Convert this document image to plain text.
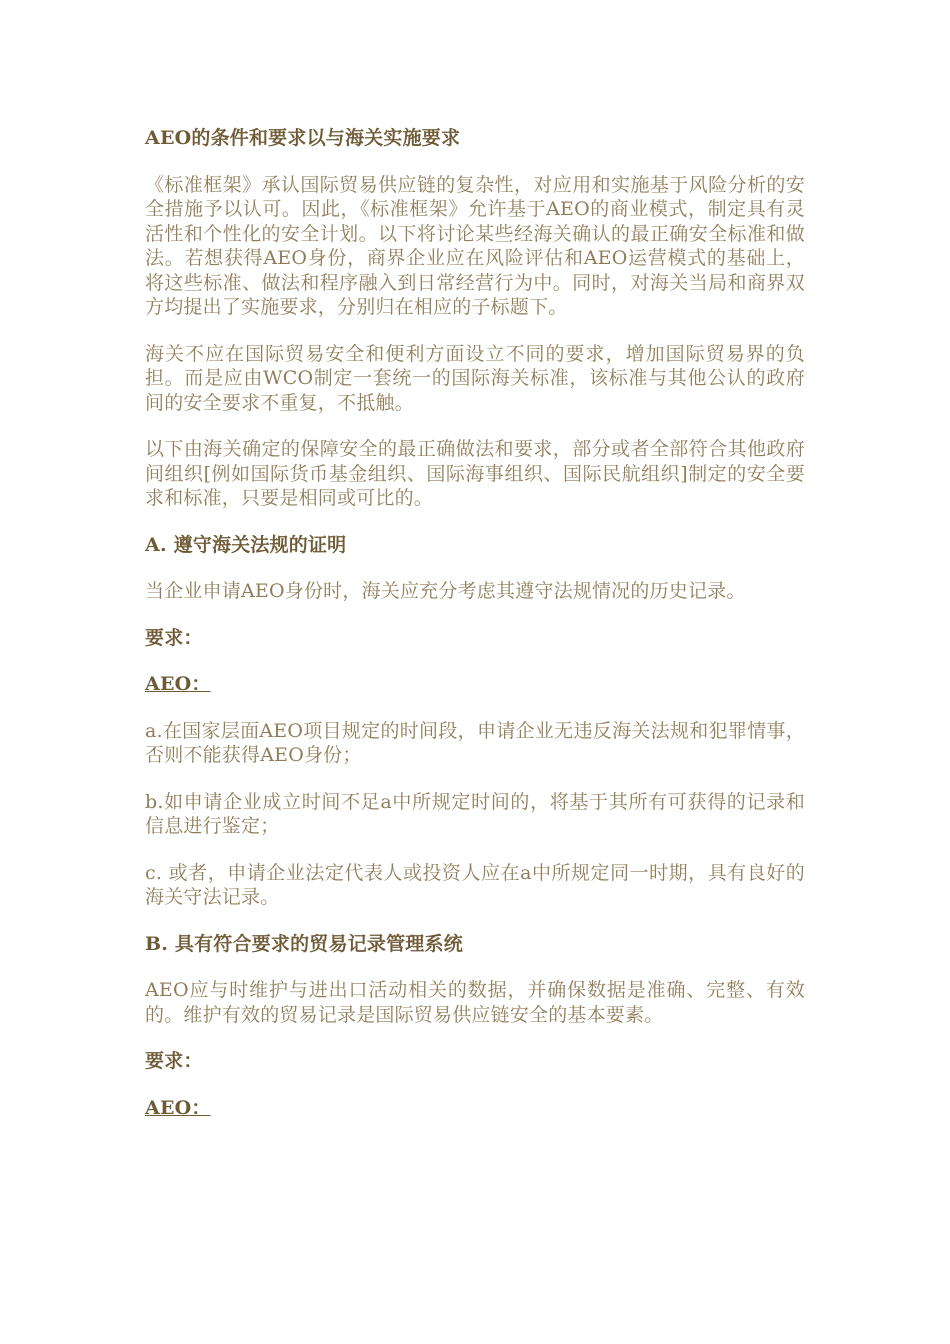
AEO的条件和要求以与海关实施要求
《标准框架》承认国际贸易供应链的复杂性，对应用和实施基于风险分析的安全措施予以认可。因此，《标准框架》允许基于AEO的商业模式，制定具有灵活性和个性化的安全计划。以下将讨论某些经海关确认的最正确安全标准和做法。若想获得AEO身份，商界企业应在风险评估和AEO运营模式的基础上，将这些标准、做法和程序融入到日常经营行为中。同时，对海关当局和商界双方均提出了实施要求，分别归在相应的子标题下。
海关不应在国际贸易安全和便利方面设立不同的要求，增加国际贸易界的负担。而是应由WCO制定一套统一的国际海关标准，该标准与其他公认的政府间的安全要求不重复，不抵触。
以下由海关确定的保障安全的最正确做法和要求，部分或者全部符合其他政府间组织[例如国际货币基金组织、国际海事组织、国际民航组织]制定的安全要求和标准，只要是相同或可比的。
A. 遵守海关法规的证明
当企业申请AEO身份时，海关应充分考虑其遵守法规情况的历史记录。
要求：
AEO：
a.在国家层面AEO项目规定的时间段，申请企业无违反海关法规和犯罪情事，否则不能获得AEO身份；
b.如申请企业成立时间不足a中所规定时间的，将基于其所有可获得的记录和信息进行鉴定；
c. 或者，申请企业法定代表人或投资人应在a中所规定同一时期，具有良好的海关守法记录。
B. 具有符合要求的贸易记录管理系统
AEO应与时维护与进出口活动相关的数据，并确保数据是准确、完整、有效的。维护有效的贸易记录是国际贸易供应链安全的基本要素。
要求：
AEO：
